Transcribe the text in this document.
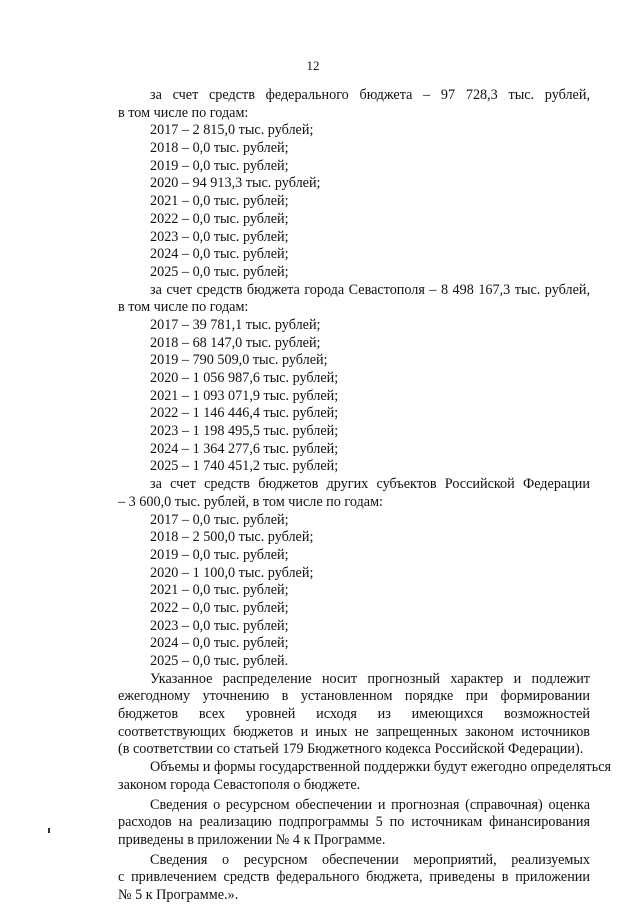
12
за счет средств федерального бюджета – 97 728,3 тыс. рублей,
в том числе по годам:
2017 – 2 815,0 тыс. рублей;
2018 – 0,0 тыс. рублей;
2019 – 0,0 тыс. рублей;
2020 – 94 913,3 тыс. рублей;
2021 – 0,0 тыс. рублей;
2022 – 0,0 тыс. рублей;
2023 – 0,0 тыс. рублей;
2024 – 0,0 тыс. рублей;
2025 – 0,0 тыс. рублей;
за счет средств бюджета города Севастополя – 8 498 167,3 тыс. рублей,
в том числе по годам:
2017 – 39 781,1 тыс. рублей;
2018 – 68 147,0 тыс. рублей;
2019 – 790 509,0 тыс. рублей;
2020 – 1 056 987,6 тыс. рублей;
2021 – 1 093 071,9 тыс. рублей;
2022 – 1 146 446,4 тыс. рублей;
2023 – 1 198 495,5 тыс. рублей;
2024 – 1 364 277,6 тыс. рублей;
2025 – 1 740 451,2 тыс. рублей;
за счет средств бюджетов других субъектов Российской Федерации
– 3 600,0 тыс. рублей, в том числе по годам:
2017 – 0,0 тыс. рублей;
2018 – 2 500,0 тыс. рублей;
2019 – 0,0 тыс. рублей;
2020 – 1 100,0 тыс. рублей;
2021 – 0,0 тыс. рублей;
2022 – 0,0 тыс. рублей;
2023 – 0,0 тыс. рублей;
2024 – 0,0 тыс. рублей;
2025 – 0,0 тыс. рублей.
Указанное распределение носит прогнозный характер и подлежит
ежегодному уточнению в установленном порядке при формировании
бюджетов всех уровней исходя из имеющихся возможностей
соответствующих бюджетов и иных не запрещенных законом источников
(в соответствии со статьей 179 Бюджетного кодекса Российской Федерации).
Объемы и формы государственной поддержки будут ежегодно определяться
законом города Севастополя о бюджете.
Сведения о ресурсном обеспечении и прогнозная (справочная) оценка
расходов на реализацию подпрограммы 5 по источникам финансирования
приведены в приложении № 4 к Программе.
Сведения о ресурсном обеспечении мероприятий, реализуемых
с привлечением средств федерального бюджета, приведены в приложении
№ 5 к Программе.».
